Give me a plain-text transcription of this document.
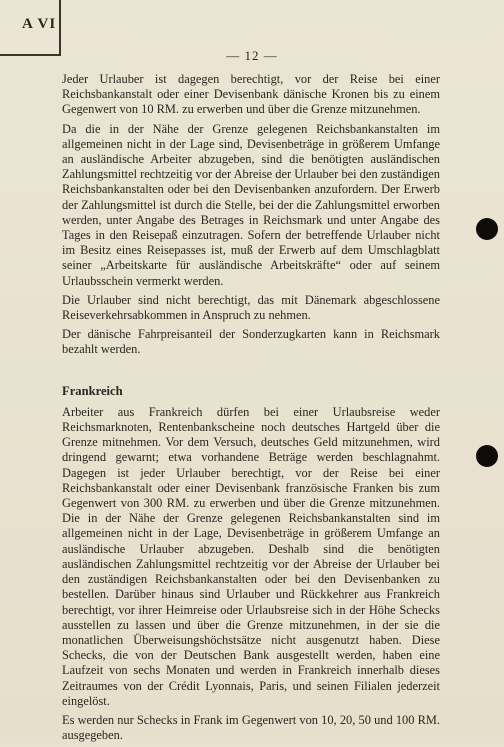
A VI
— 12 —

Jeder Urlauber ist dagegen berechtigt, vor der Reise bei einer Reichsbankanstalt oder einer Devisenbank dänische Kronen bis zu einem Gegenwert von 10 RM. zu erwerben und über die Grenze mitzunehmen.

Da die in der Nähe der Grenze gelegenen Reichsbankanstalten im allgemeinen nicht in der Lage sind, Devisenbeträge in größerem Umfange an ausländische Arbeiter abzugeben, sind die benötigten ausländischen Zahlungsmittel rechtzeitig vor der Abreise der Urlauber bei den zuständigen Reichsbankanstalten oder bei den Devisenbanken anzufordern. Der Erwerb der Zahlungsmittel ist durch die Stelle, bei der die Zahlungsmittel erworben werden, unter Angabe des Betrages in Reichsmark und unter Angabe des Tages in den Reisepaß einzutragen. Sofern der betreffende Urlauber nicht im Besitz eines Reisepasses ist, muß der Erwerb auf dem Umschlagblatt seiner „Arbeitskarte für ausländische Arbeitskräfte“ oder auf seinem Urlaubsschein vermerkt werden.

Die Urlauber sind nicht berechtigt, das mit Dänemark abgeschlossene Reiseverkehrsabkommen in Anspruch zu nehmen.

Der dänische Fahrpreisanteil der Sonderzugkarten kann in Reichsmark bezahlt werden.

Frankreich

Arbeiter aus Frankreich dürfen bei einer Urlaubsreise weder Reichsmarknoten, Rentenbankscheine noch deutsches Hartgeld über die Grenze mitnehmen. Vor dem Versuch, deutsches Geld mitzunehmen, wird dringend gewarnt; etwa vorhandene Beträge werden beschlagnahmt. Dagegen ist jeder Urlauber berechtigt, vor der Reise bei einer Reichsbankanstalt oder einer Devisenbank französische Franken bis zum Gegenwert von 300 RM. zu erwerben und über die Grenze mitzunehmen. Die in der Nähe der Grenze gelegenen Reichsbankanstalten sind im allgemeinen nicht in der Lage, Devisenbeträge in größerem Umfange an ausländische Urlauber abzugeben. Deshalb sind die benötigten ausländischen Zahlungsmittel rechtzeitig vor der Abreise der Urlauber bei den zuständigen Reichsbankanstalten oder bei den Devisenbanken zu bestellen. Darüber hinaus sind Urlauber und Rückkehrer aus Frankreich berechtigt, vor ihrer Heimreise oder Urlaubsreise sich in der Höhe Schecks ausstellen zu lassen und über die Grenze mitzunehmen, in der sie die monatlichen Überweisungshöchstsätze nicht ausgenutzt haben. Diese Schecks, die von der Deutschen Bank ausgestellt werden, haben eine Laufzeit von sechs Monaten und werden in Frankreich innerhalb dieses Zeitraumes von der Crédit Lyonnais, Paris, und seinen Filialen jederzeit eingelöst.

Es werden nur Schecks in Frank im Gegenwert von 10, 20, 50 und 100 RM. ausgegeben.
